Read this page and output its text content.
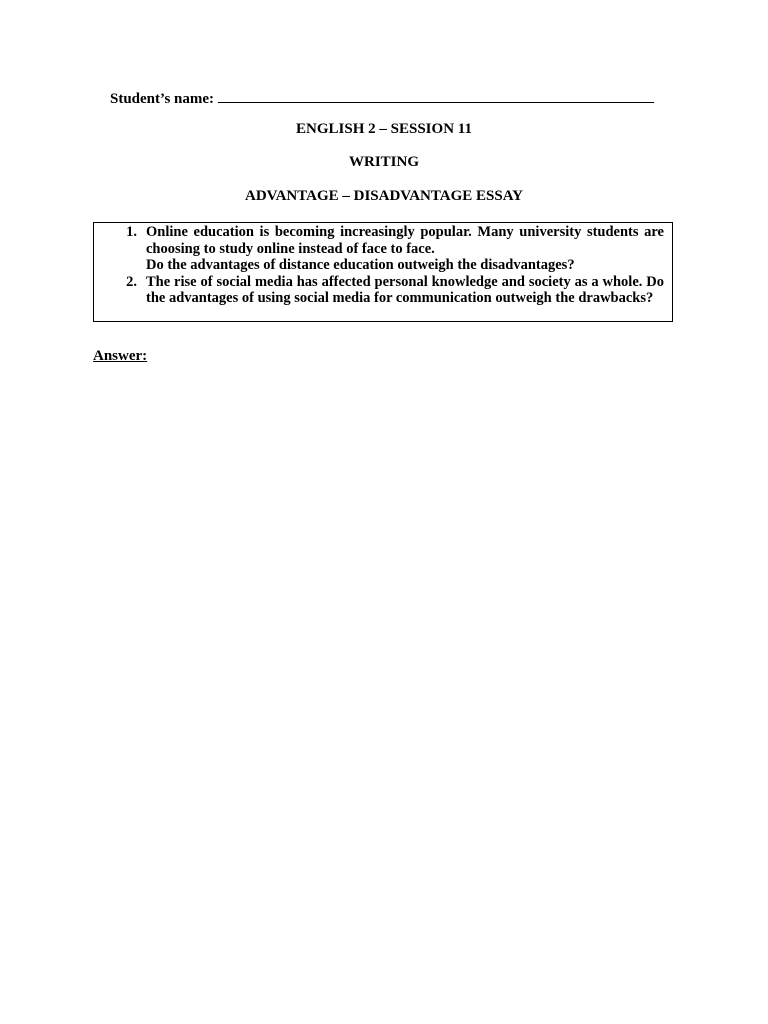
Student’s name:
ENGLISH 2 – SESSION 11
WRITING
ADVANTAGE – DISADVANTAGE ESSAY
1. Online education is becoming increasingly popular. Many university students are choosing to study online instead of face to face.

Do the advantages of distance education outweigh the disadvantages?

2. The rise of social media has affected personal knowledge and society as a whole. Do the advantages of using social media for communication outweigh the drawbacks?

Answer:
